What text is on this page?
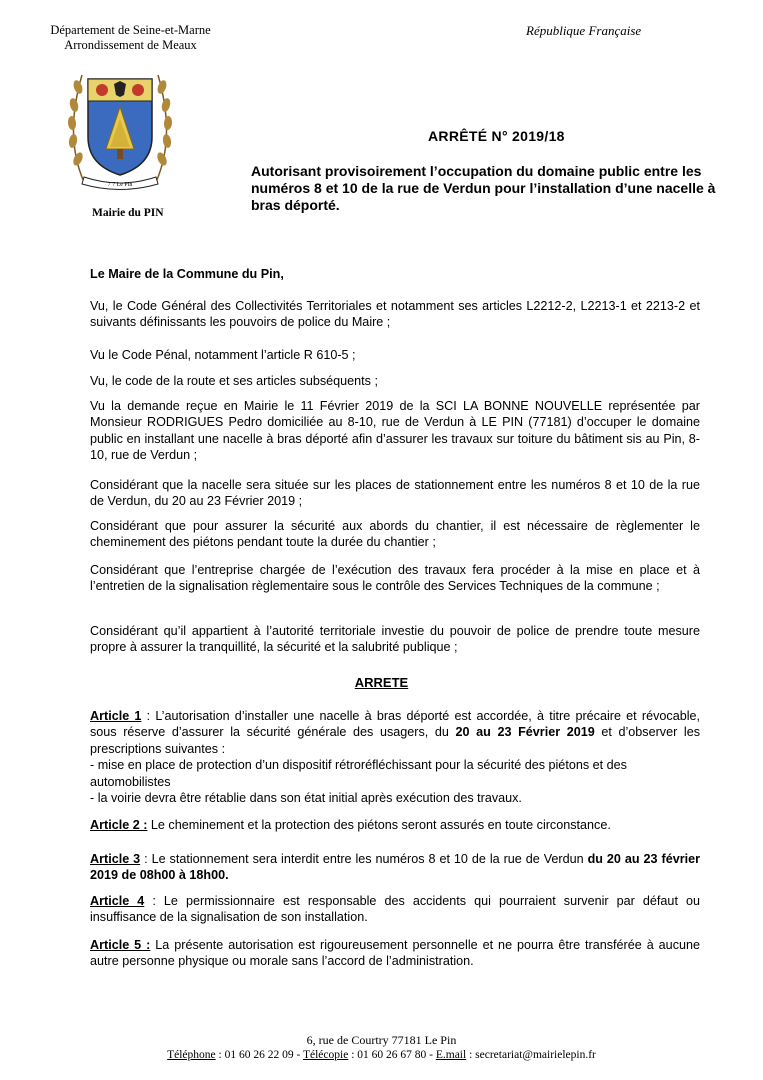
Département de Seine-et-Marne
Arrondissement de Meaux
République Française
7 7 Le Pin
Mairie du PIN
ARRÊTÉ N° 2019/18
Autorisant provisoirement l’occupation du domaine public entre les numéros 8 et 10 de la rue de Verdun pour l’installation d’une nacelle à bras déporté.
Le Maire de la Commune du Pin,
Vu, le Code Général des Collectivités Territoriales et notamment ses articles L2212-2, L2213-1 et 2213-2 et suivants définissants les pouvoirs de police du Maire ;
Vu le Code Pénal, notamment l’article R 610-5 ;
Vu, le code de la route et ses articles subséquents ;
Vu la demande reçue en Mairie le 11 Février 2019 de la SCI LA BONNE NOUVELLE représentée par Monsieur RODRIGUES Pedro domiciliée au 8-10, rue de Verdun à LE PIN (77181) d’occuper le domaine public en installant une nacelle à bras déporté afin d’assurer les travaux sur toiture du bâtiment sis au Pin, 8-10, rue de Verdun ;
Considérant que la nacelle sera située sur les places de stationnement entre les numéros 8 et 10 de la rue de Verdun, du 20 au 23 Février 2019 ;
Considérant que pour assurer la sécurité aux abords du chantier, il est nécessaire de règlementer le cheminement des piétons pendant toute la durée du chantier ;
Considérant que l’entreprise chargée de l’exécution des travaux fera procéder à la mise en place et à l’entretien de la signalisation règlementaire sous le contrôle des Services Techniques de la commune ;
Considérant qu’il appartient à l’autorité territoriale investie du pouvoir de police de prendre toute mesure propre à assurer la tranquillité, la sécurité et la salubrité publique ;
ARRETE
Article 1 : L’autorisation d’installer une nacelle à bras déporté est accordée, à titre précaire et révocable, sous réserve d’assurer la sécurité générale des usagers, du 20 au 23 Février 2019 et d’observer les prescriptions suivantes :
- mise en place de protection d’un dispositif rétroréfléchissant pour la sécurité des piétons et des automobilistes
- la voirie devra être rétablie dans son état initial après exécution des travaux.
Article 2 : Le cheminement et la protection des piétons seront assurés en toute circonstance.
Article 3 : Le stationnement sera interdit entre les numéros 8 et 10 de la rue de Verdun du 20 au 23 février 2019 de 08h00 à 18h00.
Article 4 : Le permissionnaire est responsable des accidents qui pourraient survenir par défaut ou insuffisance de la signalisation de son installation.
Article 5 : La présente autorisation est rigoureusement personnelle et ne pourra être transférée à aucune autre personne physique ou morale sans l’accord de l’administration.
6, rue de Courtry 77181 Le Pin
Téléphone : 01 60 26 22 09 - Télécopie : 01 60 26 67 80 - E.mail : secretariat@mairielepin.fr
